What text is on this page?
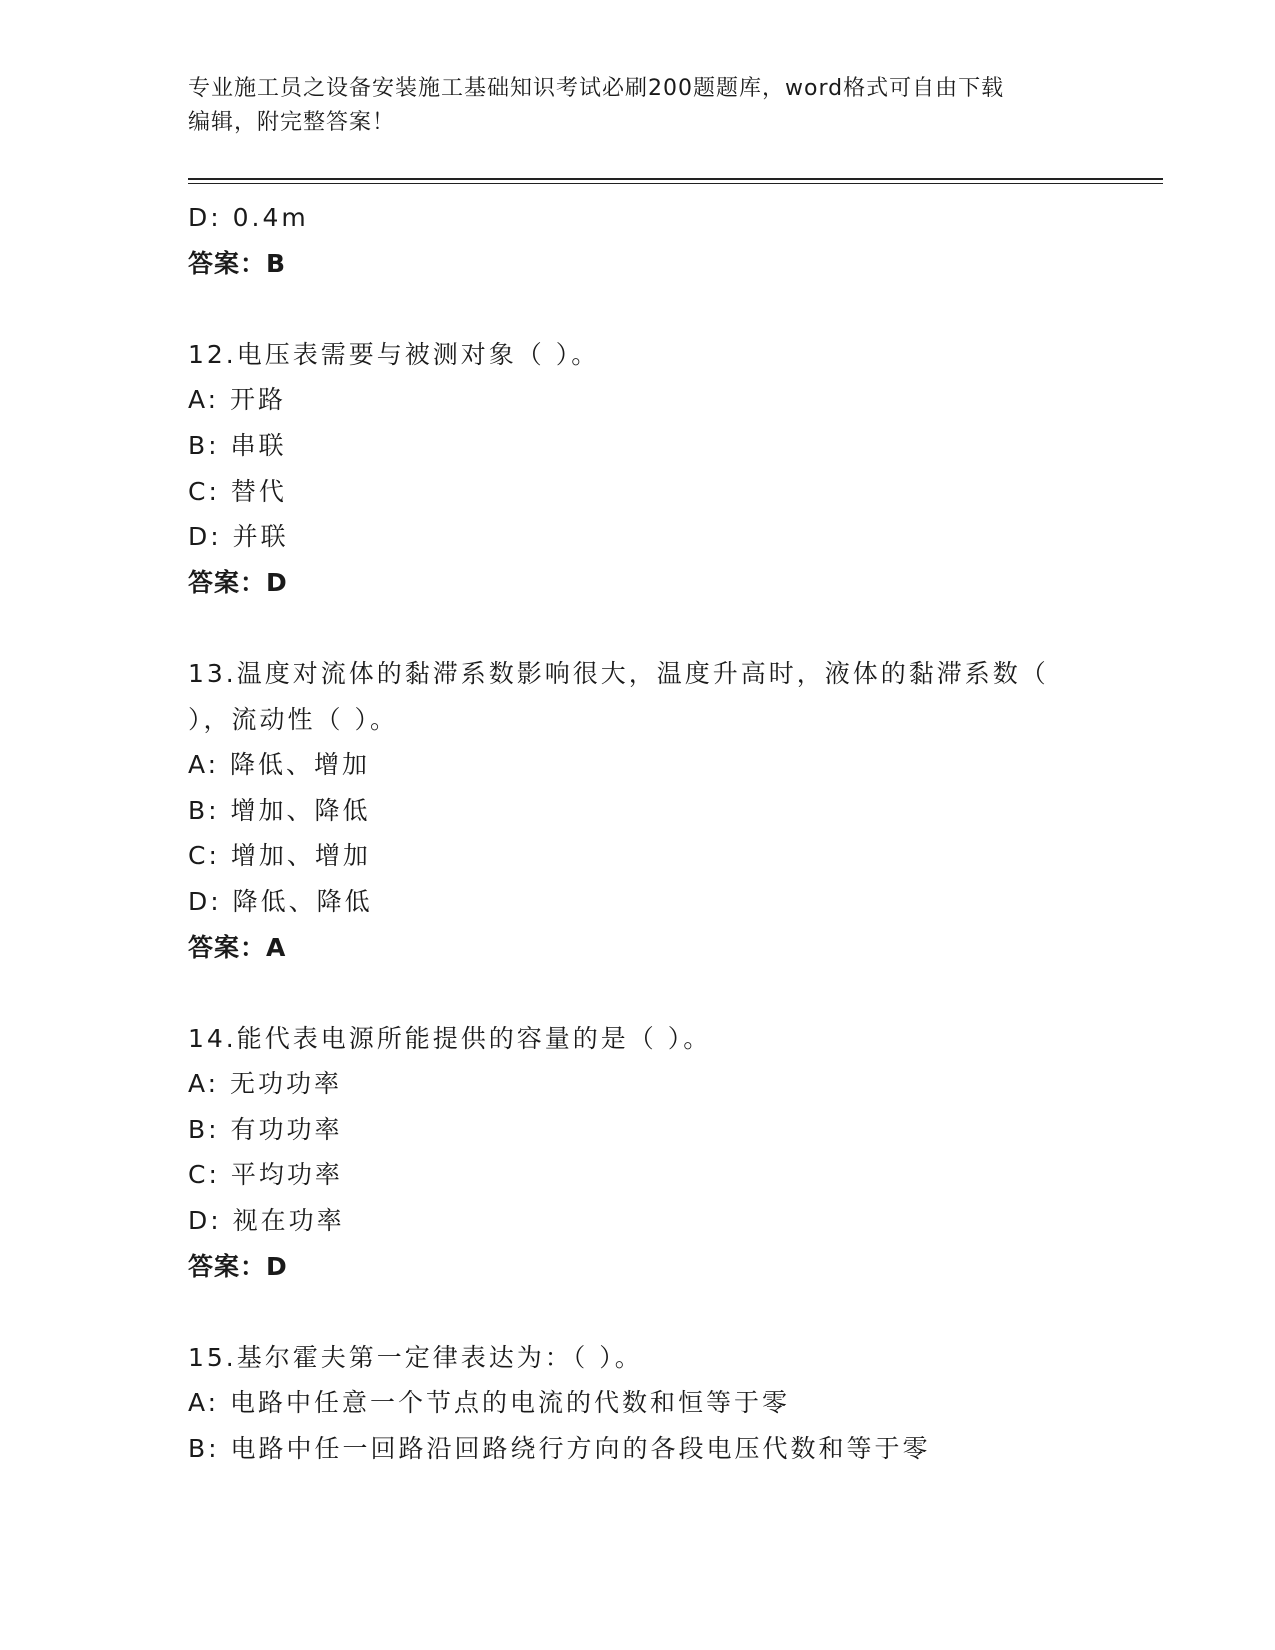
专业施工员之设备安装施工基础知识考试必刷200题题库，word格式可自由下载
编辑，附完整答案！
D: 0.4m
答案：B
12.电压表需要与被测对象（ ）。
A: 开路
B: 串联
C: 替代
D: 并联
答案：D
13.温度对流体的黏滞系数影响很大，温度升高时，液体的黏滞系数（
），流动性（ ）。
A: 降低、增加
B: 增加、降低
C: 增加、增加
D: 降低、降低
答案：A
14.能代表电源所能提供的容量的是（ ）。
A: 无功功率
B: 有功功率
C: 平均功率
D: 视在功率
答案：D
15.基尔霍夫第一定律表达为：（ ）。
A: 电路中任意一个节点的电流的代数和恒等于零
B: 电路中任一回路沿回路绕行方向的各段电压代数和等于零
